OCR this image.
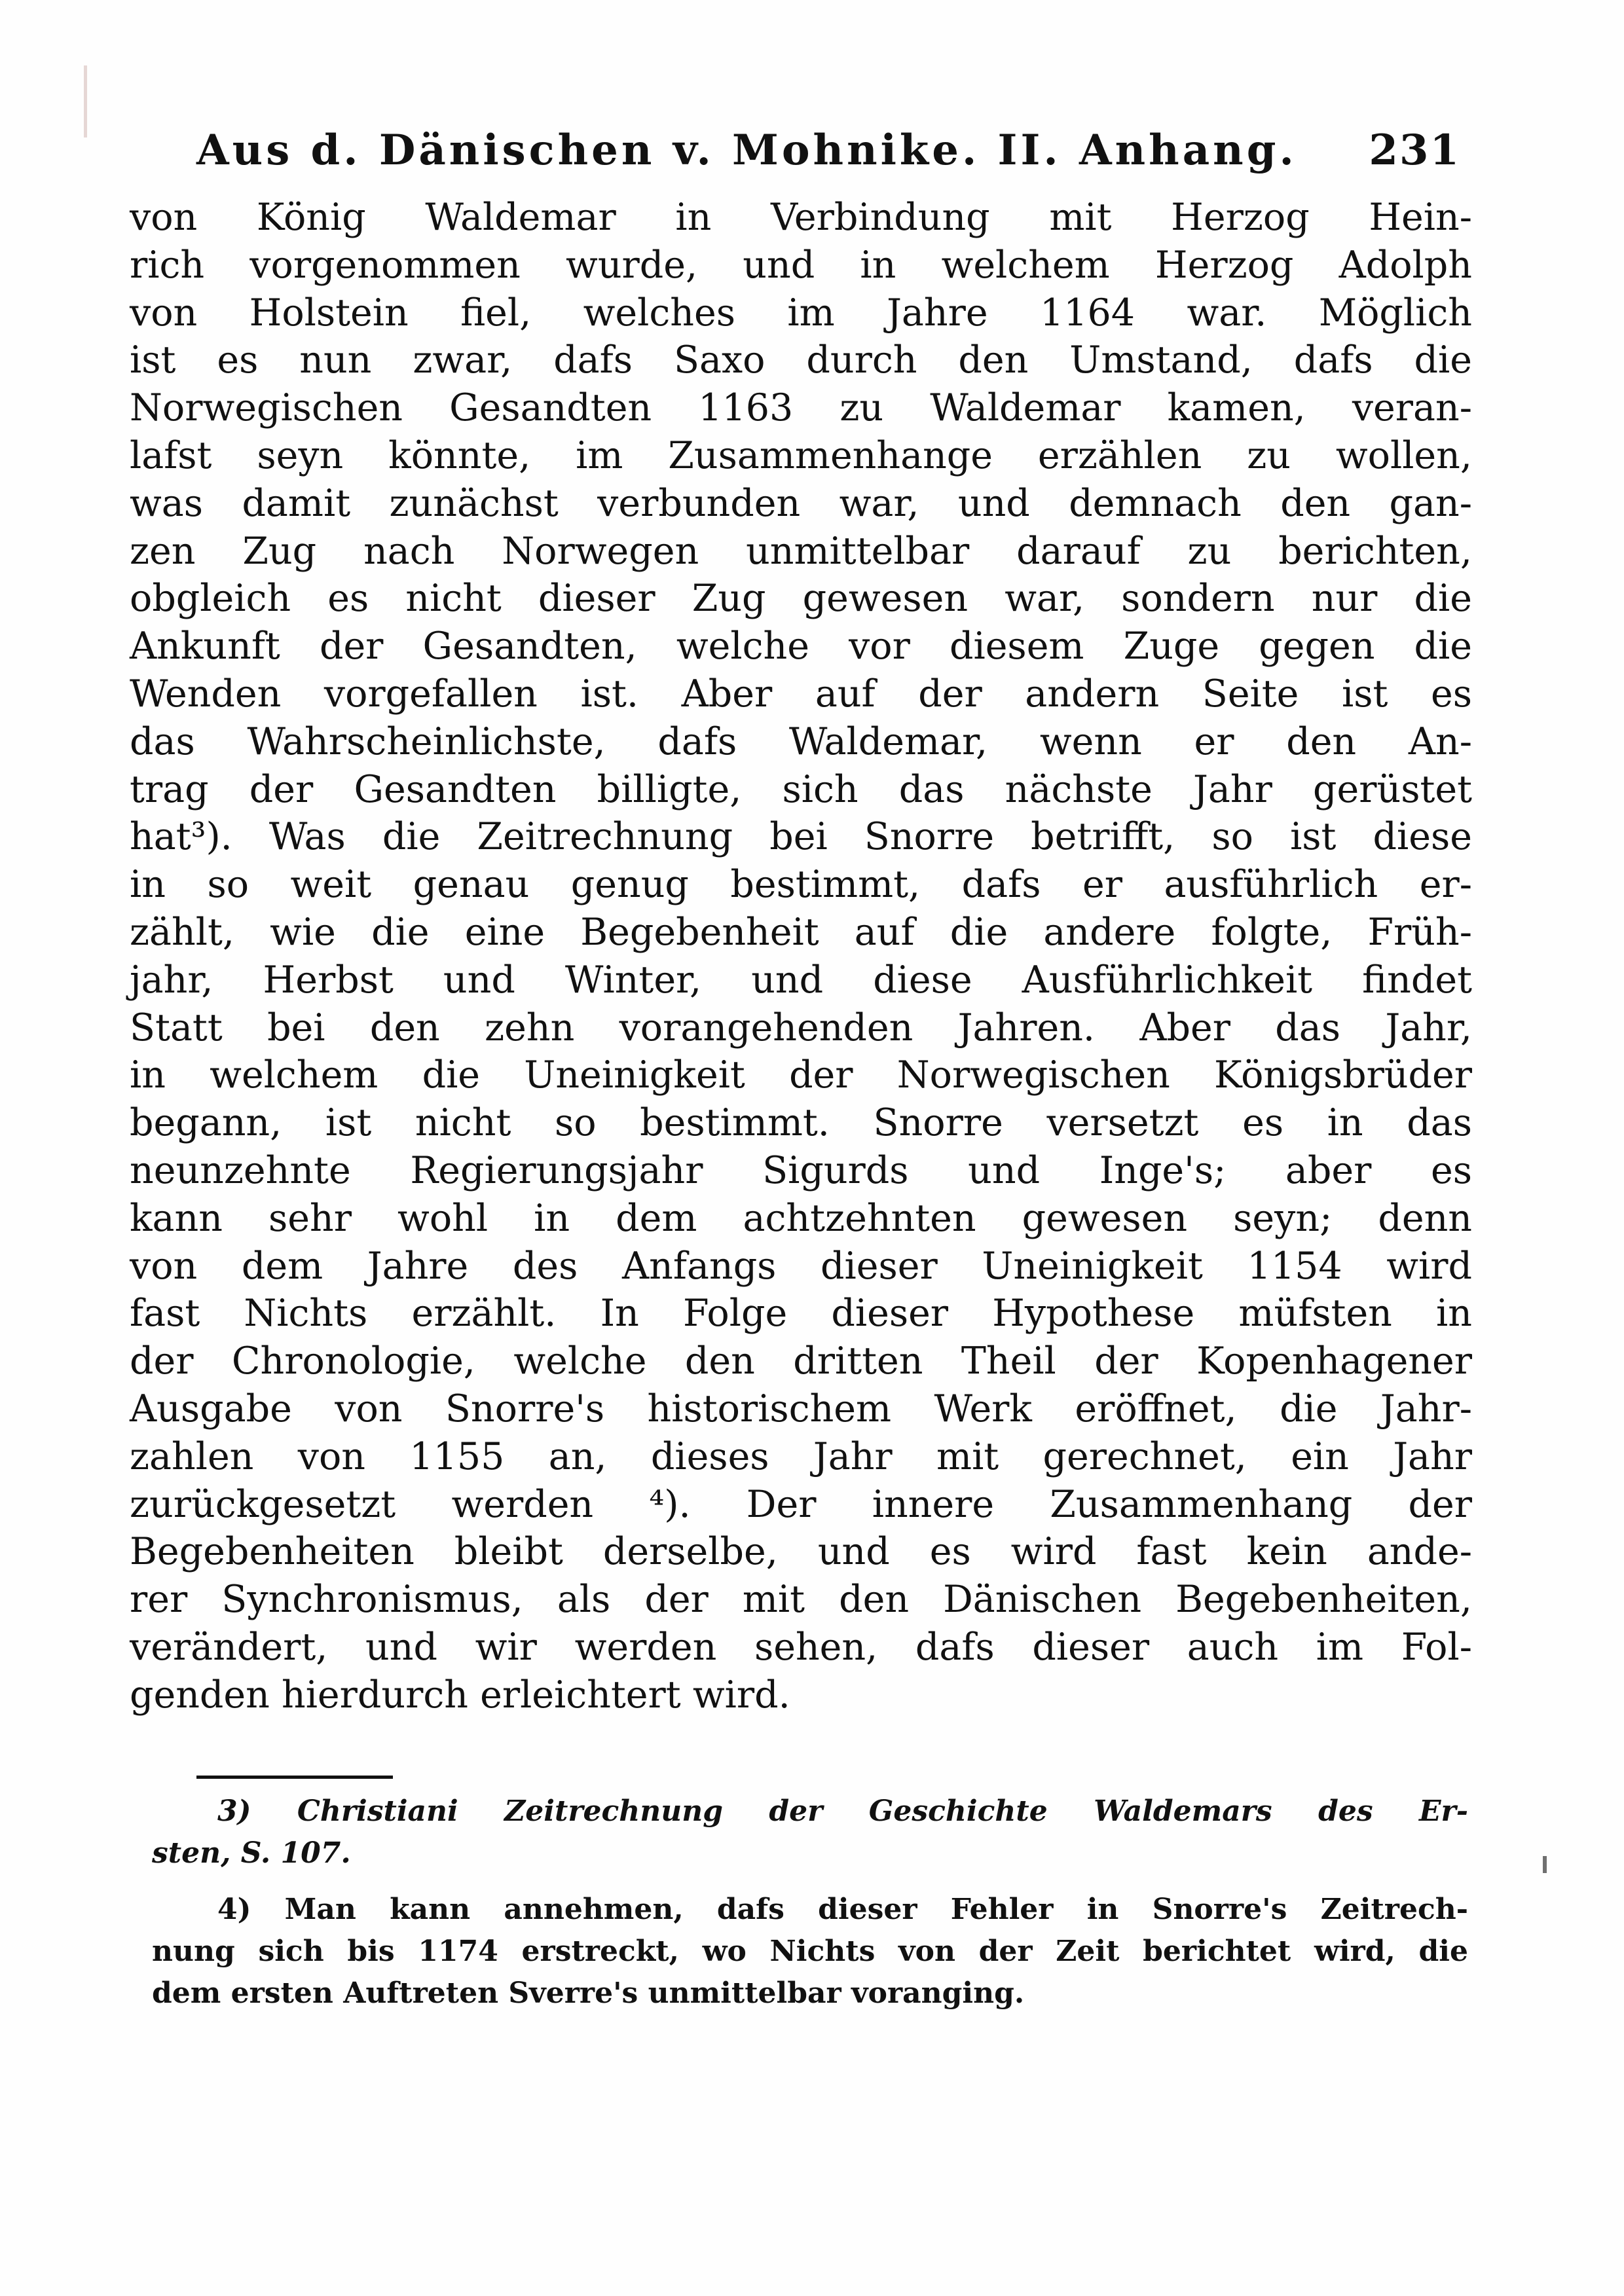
Aus d. Dänischen v. Mohnike. II. Anhang. 231
von König Waldemar in Verbindung mit Herzog Hein-
rich vorgenommen wurde, und in welchem Herzog Adolph
von Holstein fiel, welches im Jahre 1164 war. Möglich
ist es nun zwar, dafs Saxo durch den Umstand, dafs die
Norwegischen Gesandten 1163 zu Waldemar kamen, veran-
lafst seyn könnte, im Zusammenhange erzählen zu wollen,
was damit zunächst verbunden war, und demnach den gan-
zen Zug nach Norwegen unmittelbar darauf zu berichten,
obgleich es nicht dieser Zug gewesen war, sondern nur die
Ankunft der Gesandten, welche vor diesem Zuge gegen die
Wenden vorgefallen ist. Aber auf der andern Seite ist es
das Wahrscheinlichste, dafs Waldemar, wenn er den An-
trag der Gesandten billigte, sich das nächste Jahr gerüstet
hat³). Was die Zeitrechnung bei Snorre betrifft, so ist diese
in so weit genau genug bestimmt, dafs er ausführlich er-
zählt, wie die eine Begebenheit auf die andere folgte, Früh-
jahr, Herbst und Winter, und diese Ausführlichkeit findet
Statt bei den zehn vorangehenden Jahren. Aber das Jahr,
in welchem die Uneinigkeit der Norwegischen Königsbrüder
begann, ist nicht so bestimmt. Snorre versetzt es in das
neunzehnte Regierungsjahr Sigurds und Inge's; aber es
kann sehr wohl in dem achtzehnten gewesen seyn; denn
von dem Jahre des Anfangs dieser Uneinigkeit 1154 wird
fast Nichts erzählt. In Folge dieser Hypothese müfsten in
der Chronologie, welche den dritten Theil der Kopenhagener
Ausgabe von Snorre's historischem Werk eröffnet, die Jahr-
zahlen von 1155 an, dieses Jahr mit gerechnet, ein Jahr
zurückgesetzt werden ⁴). Der innere Zusammenhang der
Begebenheiten bleibt derselbe, und es wird fast kein ande-
rer Synchronismus, als der mit den Dänischen Begebenheiten,
verändert, und wir werden sehen, dafs dieser auch im Fol-
genden hierdurch erleichtert wird.
3) Christiani Zeitrechnung der Geschichte Waldemars des Er-
sten, S. 107.
4) Man kann annehmen, dafs dieser Fehler in Snorre's Zeitrech-
nung sich bis 1174 erstreckt, wo Nichts von der Zeit berichtet wird, die
dem ersten Auftreten Sverre's unmittelbar voranging.
